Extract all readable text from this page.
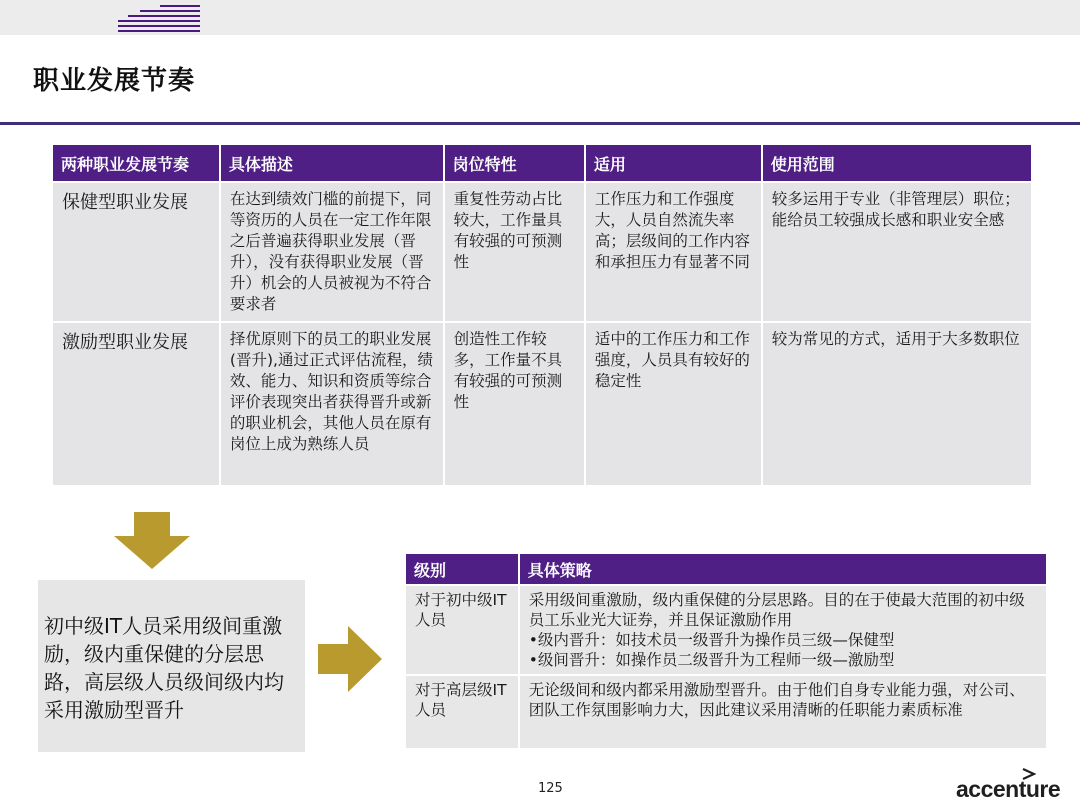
职业发展节奏
两种职业发展节奏	具体描述	岗位特性	适用	使用范围
保健型职业发展	在达到绩效门槛的前提下，同等资历的人员在一定工作年限之后普遍获得职业发展（晋升），没有获得职业发展（晋升）机会的人员被视为不符合要求者	重复性劳动占比较大，工作量具有较强的可预测性	工作压力和工作强度大，人员自然流失率高；层级间的工作内容和承担压力有显著不同	较多运用于专业（非管理层）职位；能给员工较强成长感和职业安全感
激励型职业发展	择优原则下的员工的职业发展(晋升),通过正式评估流程，绩效、能力、知识和资质等综合评价表现突出者获得晋升或新的职业机会，其他人员在原有岗位上成为熟练人员	创造性工作较多，工作量不具有较强的可预测性	适中的工作压力和工作强度，人员具有较好的稳定性	较为常见的方式，适用于大多数职位
初中级IT人员采用级间重激励，级内重保健的分层思路，高层级人员级间级内均采用激励型晋升
级别	具体策略
对于初中级IT人员	采用级间重激励，级内重保健的分层思路。目的在于使最大范围的初中级员工乐业光大证券，并且保证激励作用
•级内晋升：如技术员一级晋升为操作员三级—保健型
•级间晋升：如操作员二级晋升为工程师一级—激励型

对于高层级IT人员	无论级间和级内都采用激励型晋升。由于他们自身专业能力强，对公司、团队工作氛围影响力大，因此建议采用清晰的任职能力素质标准
125	accenture
